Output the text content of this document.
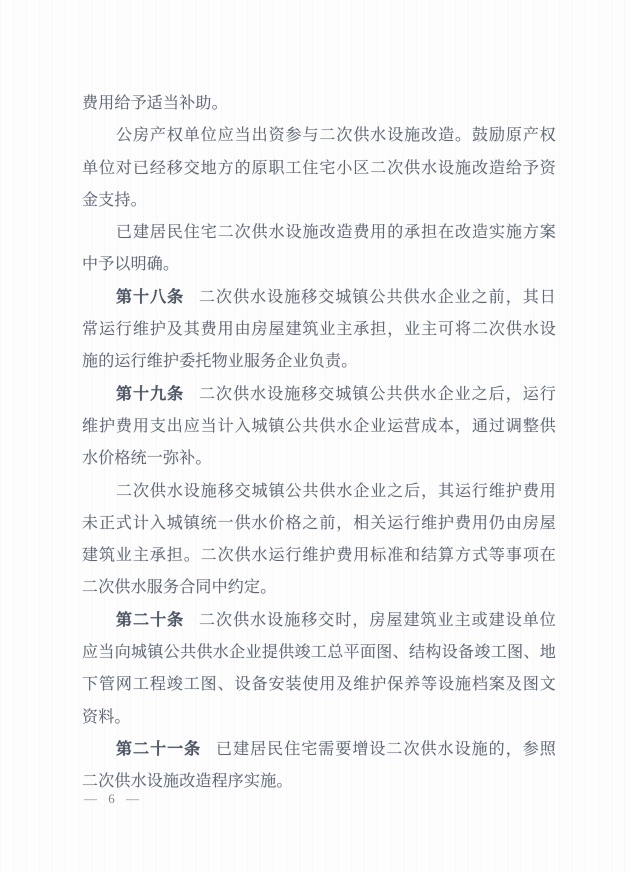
费用给予适当补助。
公房产权单位应当出资参与二次供水设施改造。鼓励原产权
单位对已经移交地方的原职工住宅小区二次供水设施改造给予资
金支持。
已建居民住宅二次供水设施改造费用的承担在改造实施方案
中予以明确。
第十八条 二次供水设施移交城镇公共供水企业之前，其日
常运行维护及其费用由房屋建筑业主承担，业主可将二次供水设
施的运行维护委托物业服务企业负责。
第十九条 二次供水设施移交城镇公共供水企业之后，运行
维护费用支出应当计入城镇公共供水企业运营成本，通过调整供
水价格统一弥补。
二次供水设施移交城镇公共供水企业之后，其运行维护费用
未正式计入城镇统一供水价格之前，相关运行维护费用仍由房屋
建筑业主承担。二次供水运行维护费用标准和结算方式等事项在
二次供水服务合同中约定。
第二十条 二次供水设施移交时，房屋建筑业主或建设单位
应当向城镇公共供水企业提供竣工总平面图、结构设备竣工图、地
下管网工程竣工图、设备安装使用及维护保养等设施档案及图文
资料。
第二十一条 已建居民住宅需要增设二次供水设施的，参照
二次供水设施改造程序实施。
— 6 —
